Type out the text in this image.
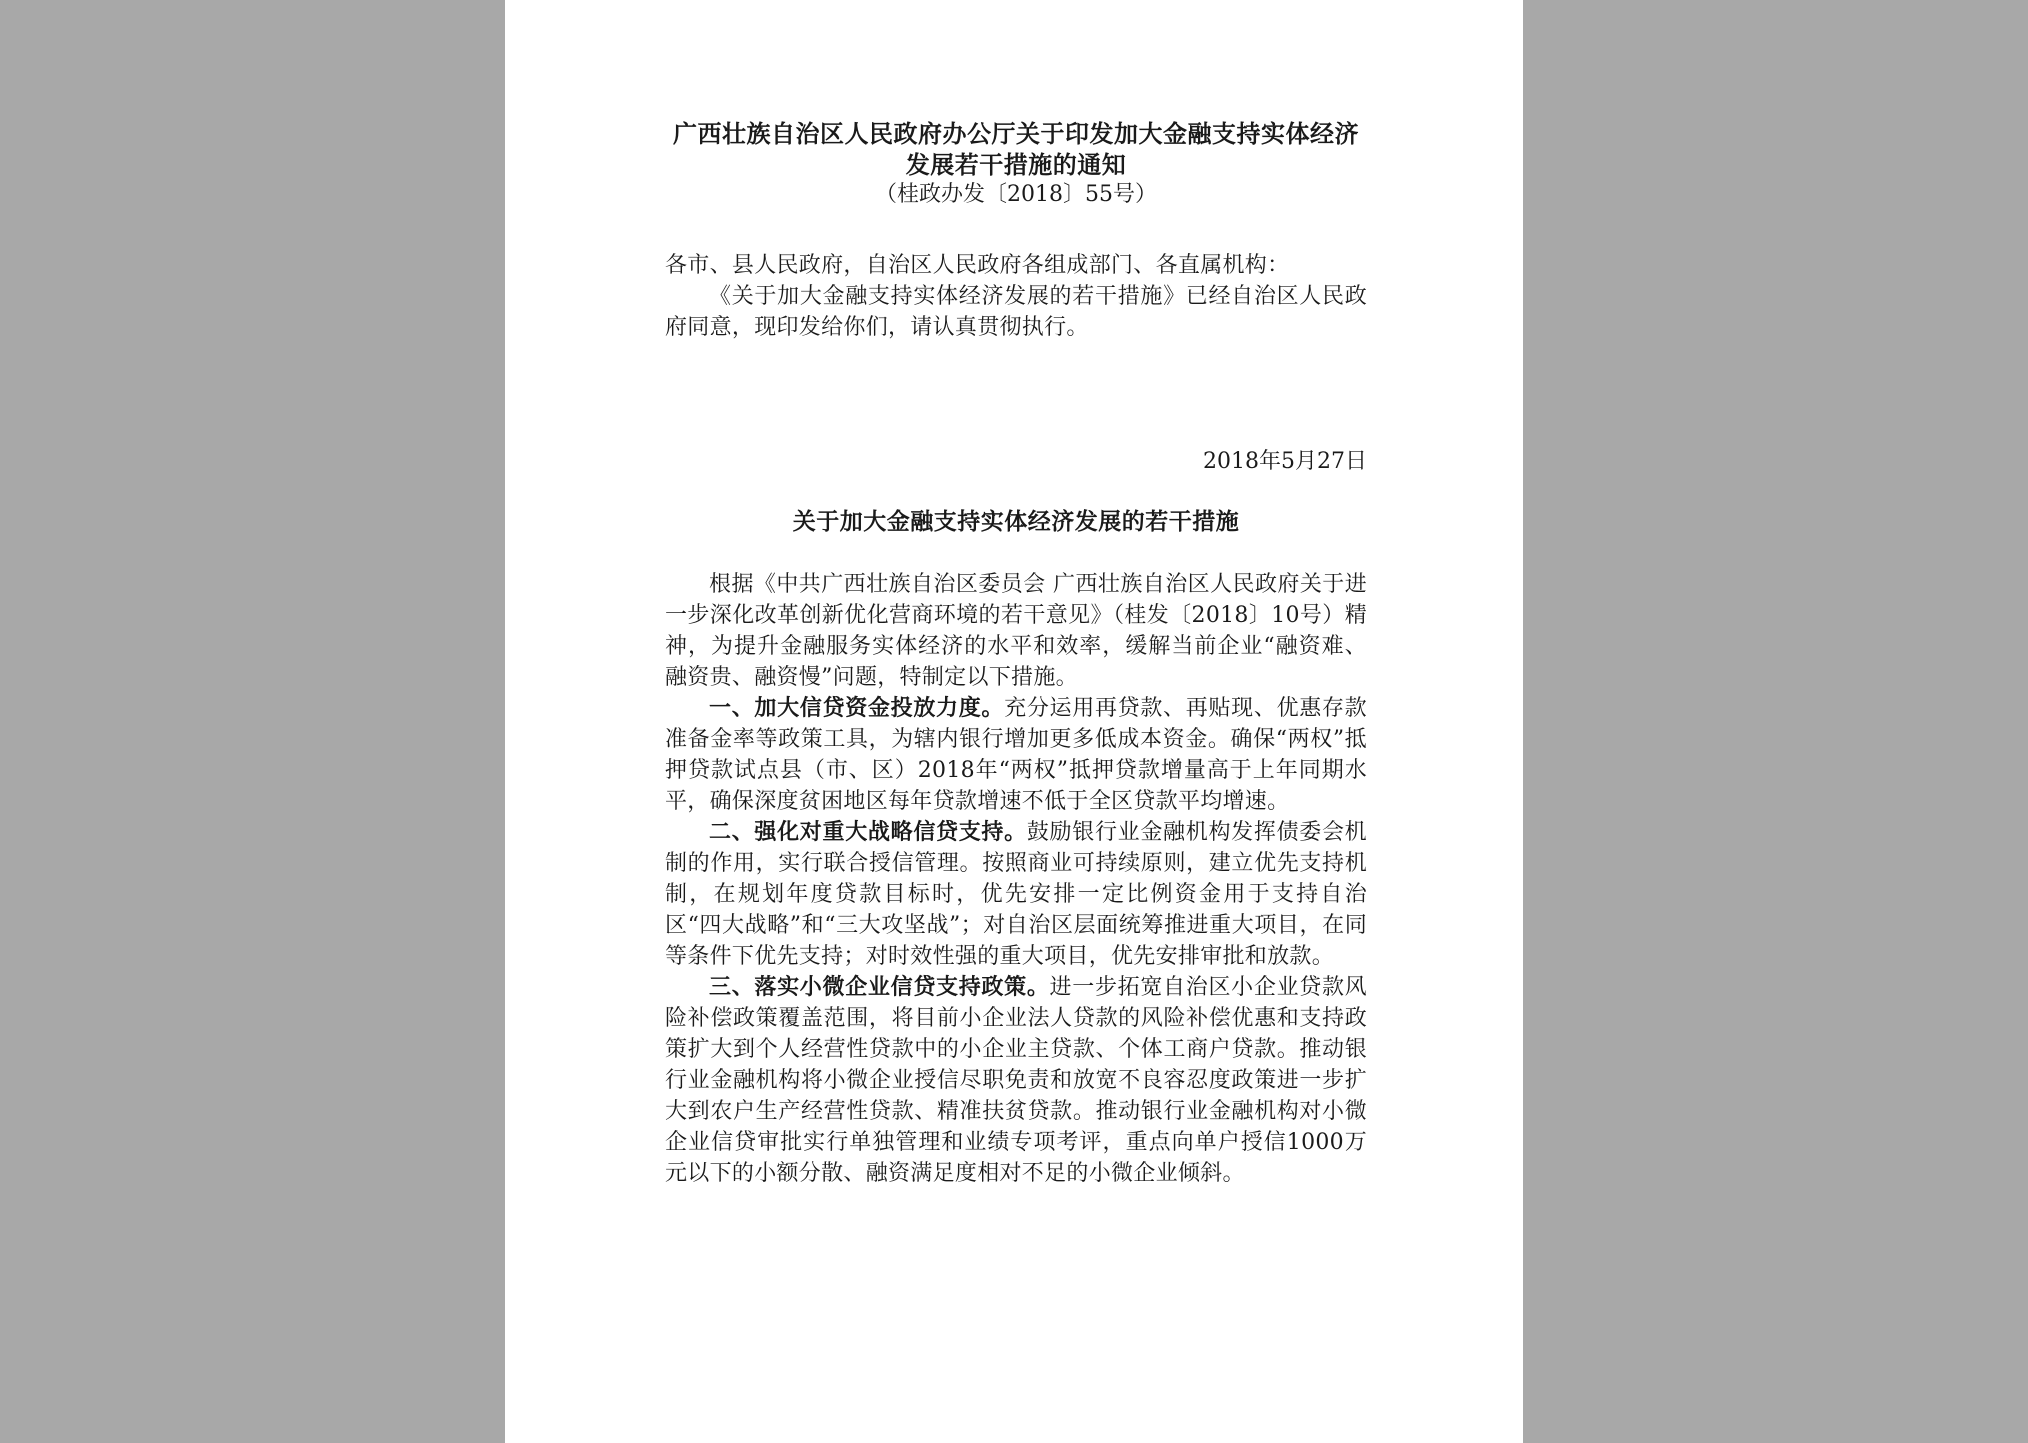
广西壮族自治区人民政府办公厅关于印发加大金融支持实体经济发展若干措施的通知

（桂政办发〔2018〕55号）

各市、县人民政府，自治区人民政府各组成部门、各直属机构：

《关于加大金融支持实体经济发展的若干措施》已经自治区人民政府同意，现印发给你们，请认真贯彻执行。

2018年5月27日

关于加大金融支持实体经济发展的若干措施

根据《中共广西壮族自治区委员会 广西壮族自治区人民政府关于进一步深化改革创新优化营商环境的若干意见》（桂发〔2018〕10号）精神，为提升金融服务实体经济的水平和效率，缓解当前企业“融资难、融资贵、融资慢”问题，特制定以下措施。

一、加大信贷资金投放力度。充分运用再贷款、再贴现、优惠存款准备金率等政策工具，为辖内银行增加更多低成本资金。确保“两权”抵押贷款试点县（市、区）2018年“两权”抵押贷款增量高于上年同期水平，确保深度贫困地区每年贷款增速不低于全区贷款平均增速。

二、强化对重大战略信贷支持。鼓励银行业金融机构发挥债委会机制的作用，实行联合授信管理。按照商业可持续原则，建立优先支持机制，在规划年度贷款目标时，优先安排一定比例资金用于支持自治区“四大战略”和“三大攻坚战”；对自治区层面统筹推进重大项目，在同等条件下优先支持；对时效性强的重大项目，优先安排审批和放款。

三、落实小微企业信贷支持政策。进一步拓宽自治区小企业贷款风险补偿政策覆盖范围，将目前小企业法人贷款的风险补偿优惠和支持政策扩大到个人经营性贷款中的小企业主贷款、个体工商户贷款。推动银行业金融机构将小微企业授信尽职免责和放宽不良容忍度政策进一步扩大到农户生产经营性贷款、精准扶贫贷款。推动银行业金融机构对小微企业信贷审批实行单独管理和业绩专项考评，重点向单户授信1000万元以下的小额分散、融资满足度相对不足的小微企业倾斜。
